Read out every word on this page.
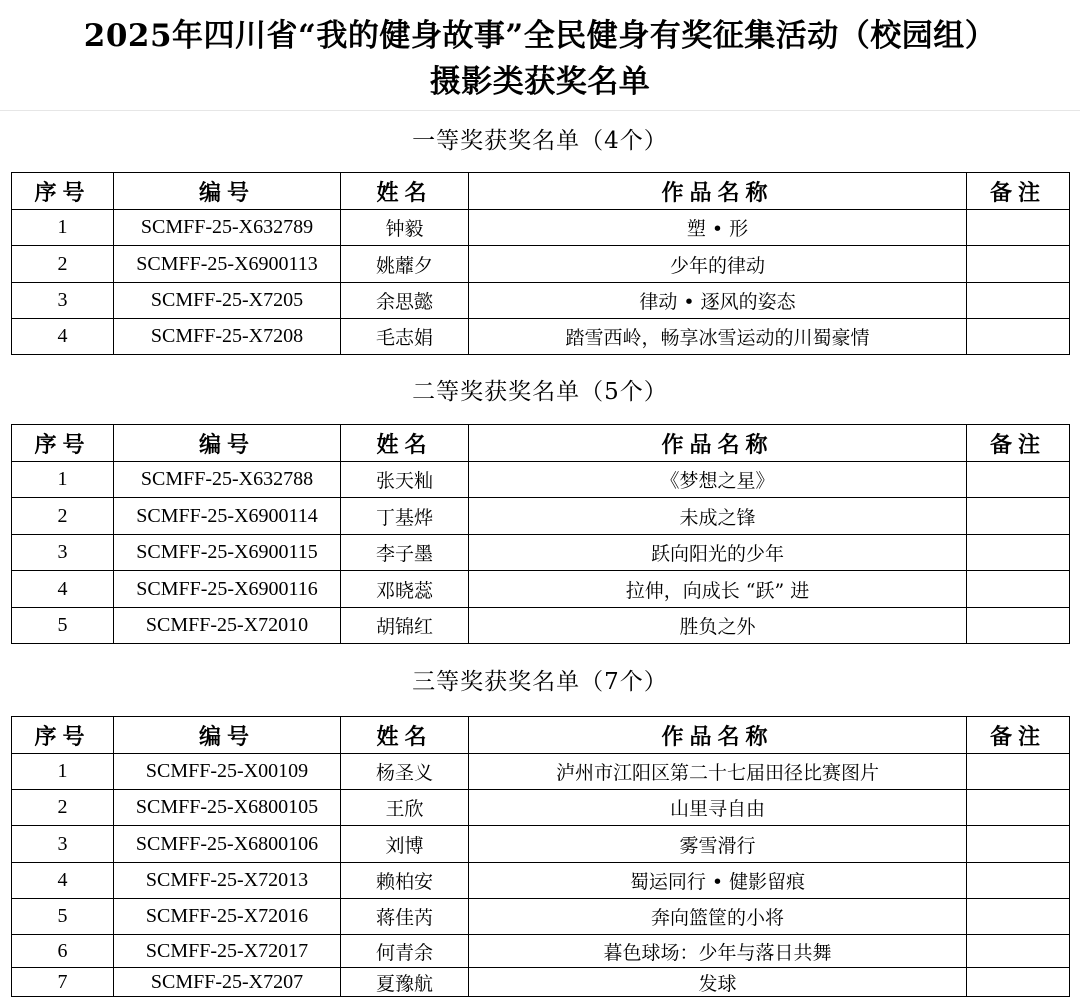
2025年四川省“我的健身故事”全民健身有奖征集活动（校园组）
摄影类获奖名单
一等奖获奖名单（4个）
序号	编号	姓名	作品名称	备注
1	SCMFF-25-X632789	钟毅	塑 • 形	
2	SCMFF-25-X6900113	姚蘼夕	少年的律动	
3	SCMFF-25-X7205	余思懿	律动 • 逐风的姿态	
4	SCMFF-25-X7208	毛志娟	踏雪西岭，畅享冰雪运动的川蜀豪情	
二等奖获奖名单（5个）
序号	编号	姓名	作品名称	备注
1	SCMFF-25-X632788	张天籼	《梦想之星》	
2	SCMFF-25-X6900114	丁基烨	未成之锋	
3	SCMFF-25-X6900115	李子墨	跃向阳光的少年	
4	SCMFF-25-X6900116	邓晓蕊	拉伸，向成长 “跃” 进	
5	SCMFF-25-X72010	胡锦红	胜负之外	
三等奖获奖名单（7个）
序号	编号	姓名	作品名称	备注
1	SCMFF-25-X00109	杨圣义	泸州市江阳区第二十七届田径比赛图片	
2	SCMFF-25-X6800105	王欣	山里寻自由	
3	SCMFF-25-X6800106	刘博	雾雪滑行	
4	SCMFF-25-X72013	赖柏安	蜀运同行 • 健影留痕	
5	SCMFF-25-X72016	蒋佳芮	奔向篮筐的小将	
6	SCMFF-25-X72017	何青余	暮色球场：少年与落日共舞	
7	SCMFF-25-X7207	夏豫航	发球	
